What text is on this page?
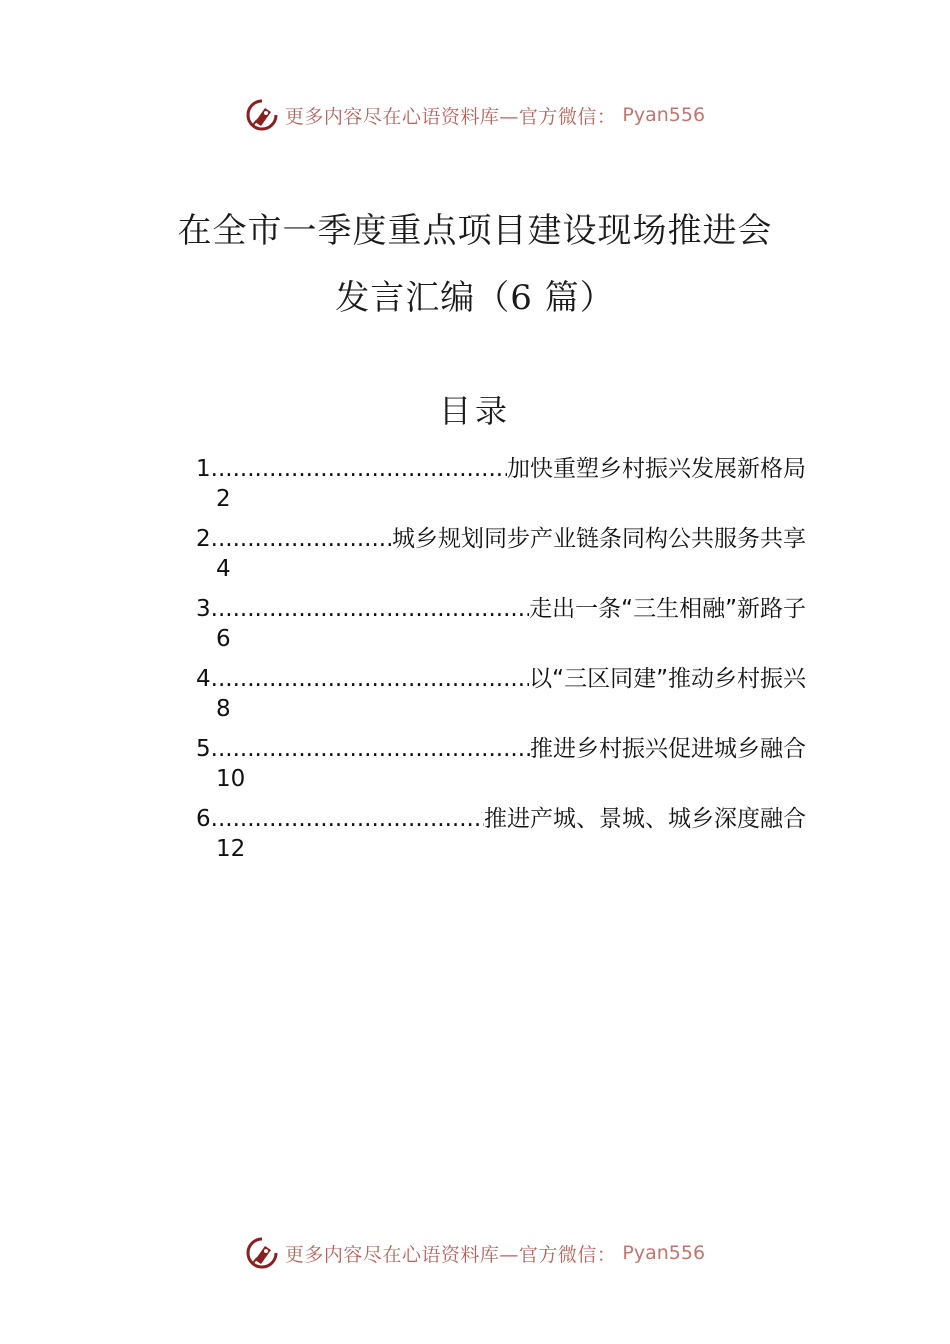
更多内容尽在心语资料库—官方微信： Pyan556
在全市一季度重点项目建设现场推进会
发言汇编（6 篇）
目录
1 .....	加快重塑乡村振兴发展新格局
2
2 .....	城乡规划同步产业链条同构公共服务共享
4
3 .....	走出一条“三生相融”新路子
6
4 .....	以“三区同建”推动乡村振兴
8
5 .....	推进乡村振兴促进城乡融合
10
6 .....	推进产城、景城、城乡深度融合
12
更多内容尽在心语资料库—官方微信： Pyan556
